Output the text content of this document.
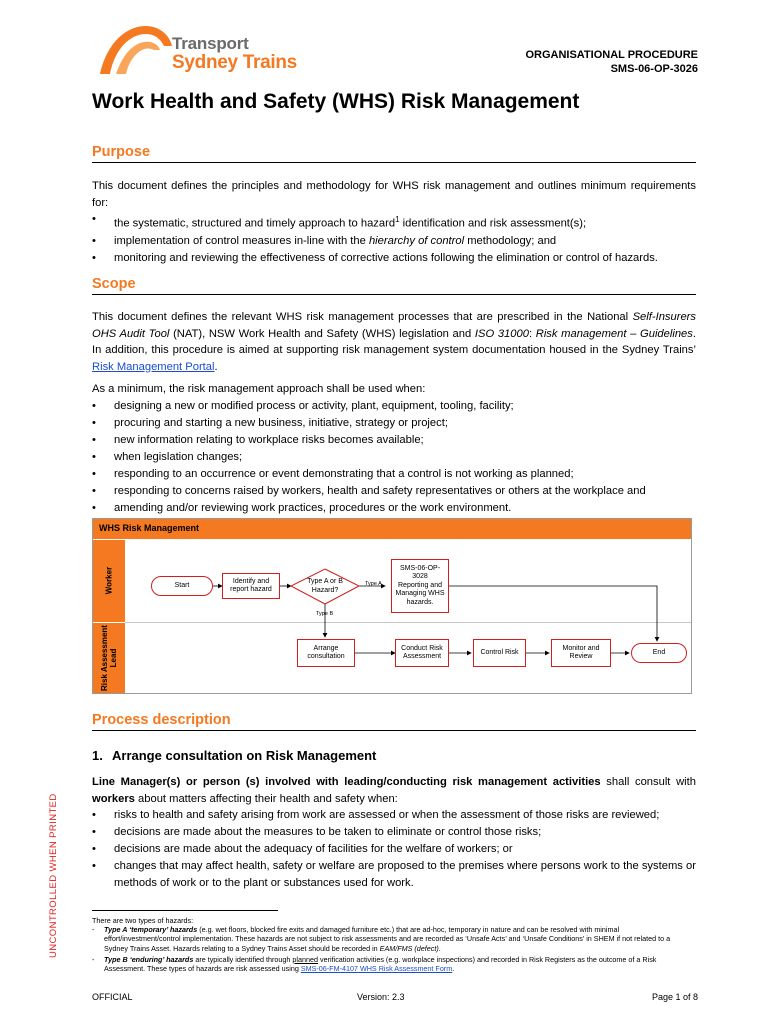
Transport
Sydney Trains	ORGANISATIONAL PROCEDURE
SMS-06-OP-3026
Work Health and Safety (WHS) Risk Management
Purpose
This document defines the principles and methodology for WHS risk management and outlines minimum requirements for:
• the systematic, structured and timely approach to hazard$^1$ identification and risk assessment(s);
• implementation of control measures in-line with the hierarchy of control methodology; and
• monitoring and reviewing the effectiveness of corrective actions following the elimination or control of hazards.
Scope
This document defines the relevant WHS risk management processes that are prescribed in the National Self-Insurers OHS Audit Tool (NAT), NSW Work Health and Safety (WHS) legislation and ISO 31000: Risk management – Guidelines. In addition, this procedure is aimed at supporting risk management system documentation housed in the Sydney Trains’ Risk Management Portal.
As a minimum, the risk management approach shall be used when:
• designing a new or modified process or activity, plant, equipment, tooling, facility;
• procuring and starting a new business, initiative, strategy or project;
• new information relating to workplace risks becomes available;
• when legislation changes;
• responding to an occurrence or event demonstrating that a control is not working as planned;
• responding to concerns raised by workers, health and safety representatives or others at the workplace and
• amending and/or reviewing work practices, procedures or the work environment.
WHS Risk Management
Worker
Risk Assessment Lead
Start
Identify and report hazard
Type A or B Hazard?
Type A
Type B
SMS-06-OP-
3028
Reporting and Managing WHS hazards.
Arrange consultation
Conduct Risk Assessment
Control Risk
Monitor and Review
End
Process description
1. Arrange consultation on Risk Management
Line Manager(s) or person (s) involved with leading/conducting risk management activities shall consult with workers about matters affecting their health and safety when:
• risks to health and safety arising from work are assessed or when the assessment of those risks are reviewed;
• decisions are made about the measures to be taken to eliminate or control those risks;
• decisions are made about the adequacy of facilities for the welfare of workers; or
• changes that may affect health, safety or welfare are proposed to the premises where persons work to the systems or methods of work or to the plant or substances used for work.
UNCONTROLLED WHEN PRINTED	There are two types of hazards:
- Type A ‘temporary’ hazards (e.g. wet floors, blocked fire exits and damaged furniture etc.) that are ad-hoc, temporary in nature and can be resolved with minimal effort/investment/control implementation. These hazards are not subject to risk assessments and are recorded as ‘Unsafe Acts’ and ‘Unsafe Conditions’ in SHEM if not related to a Sydney Trains Asset. Hazards relating to a Sydney Trains Asset should be recorded in EAM/FMS (defect).
- Type B ‘enduring’ hazards are typically identified through planned verification activities (e.g. workplace inspections) and recorded in Risk Registers as the outcome of a Risk Assessment. These types of hazards are risk assessed using SMS-06-FM-4107 WHS Risk Assessment Form.
OFFICIAL	Version: 2.3	Page 1 of 8
